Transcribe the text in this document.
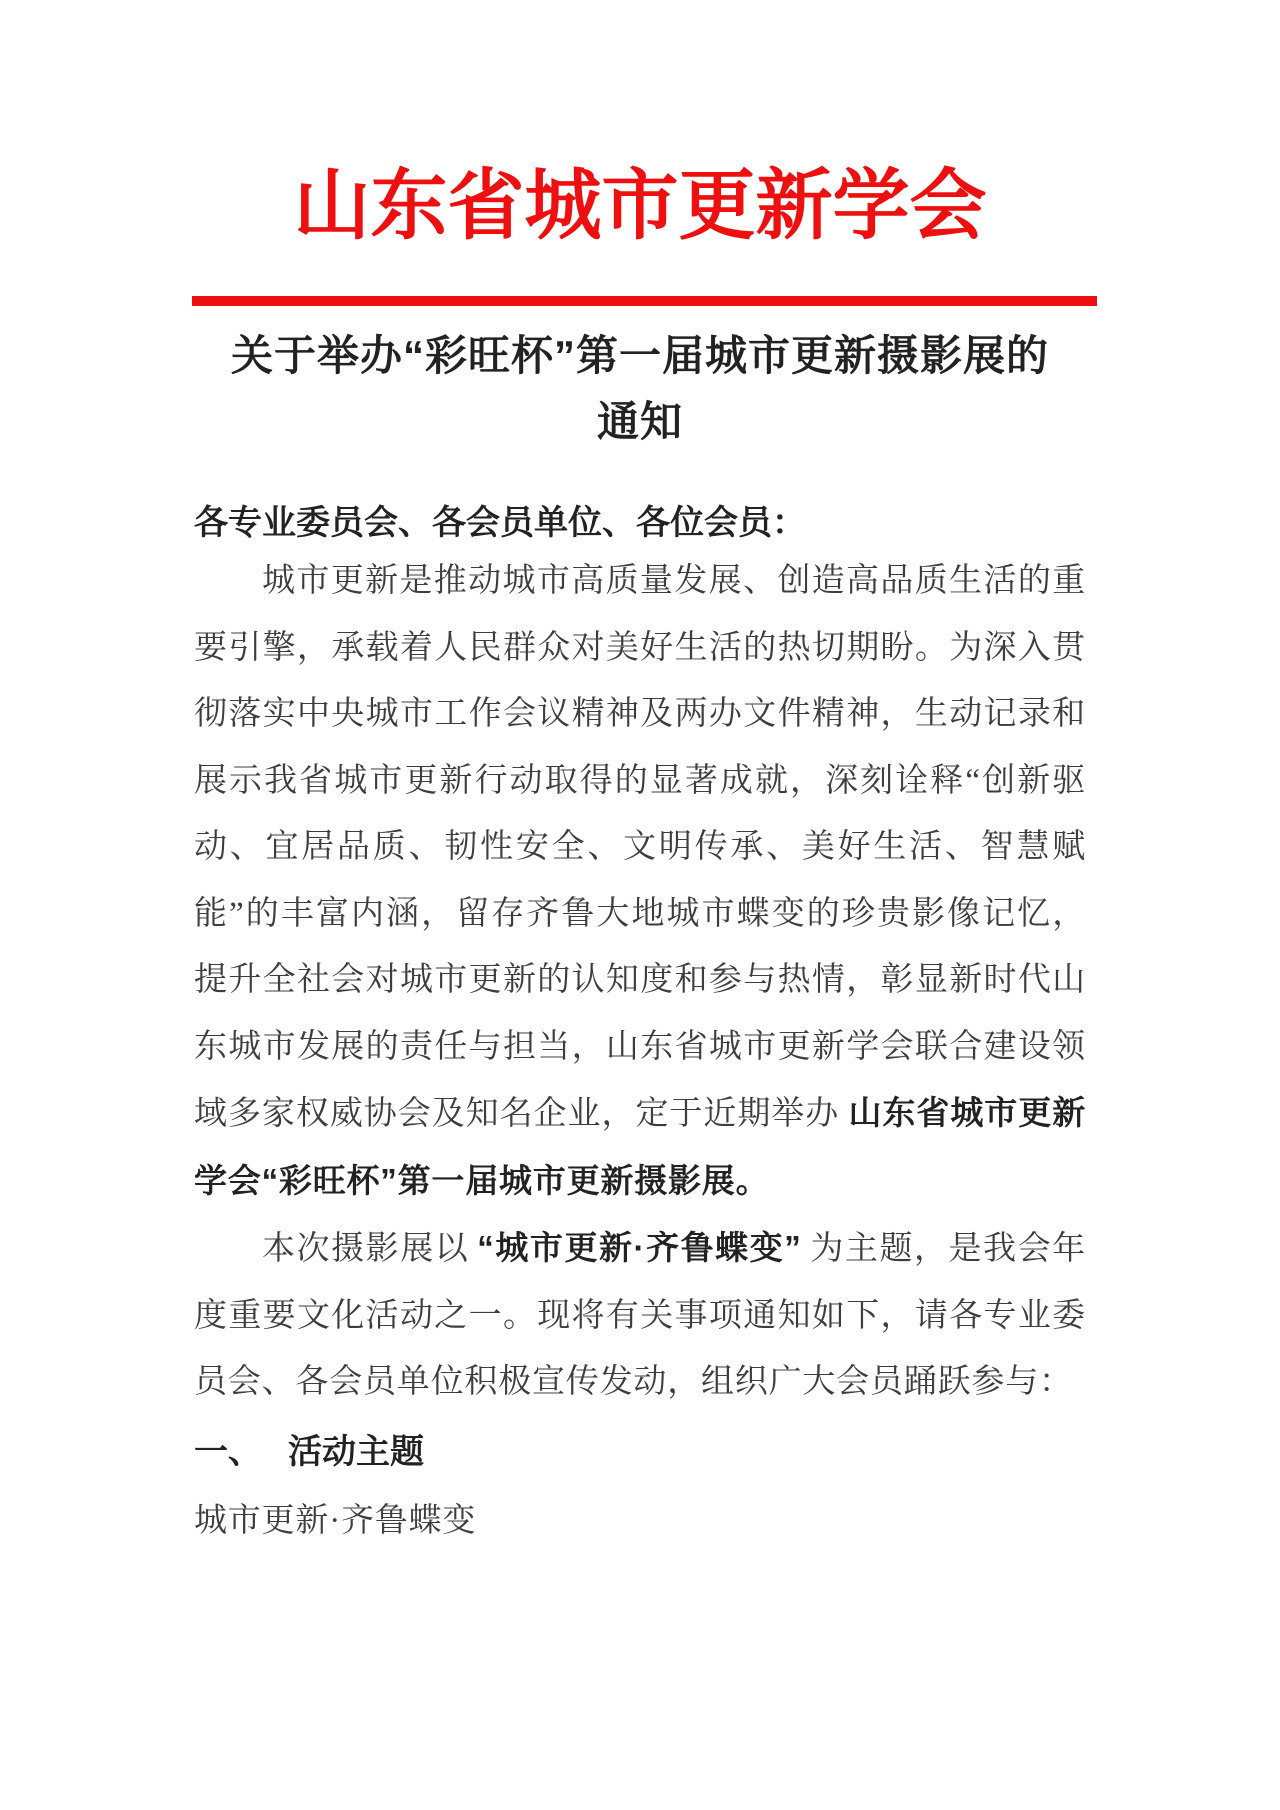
山东省城市更新学会
关于举办“彩旺杯”第一届城市更新摄影展的
通知

各专业委员会、各会员单位、各位会员：

城市更新是推动城市高质量发展、创造高品质生活的重要引擎，承载着人民群众对美好生活的热切期盼。为深入贯彻落实中央城市工作会议精神及两办文件精神，生动记录和展示我省城市更新行动取得的显著成就，深刻诠释“创新驱动、宜居品质、韧性安全、文明传承、美好生活、智慧赋能”的丰富内涵，留存齐鲁大地城市蝶变的珍贵影像记忆，提升全社会对城市更新的认知度和参与热情，彰显新时代山东城市发展的责任与担当，山东省城市更新学会联合建设领域多家权威协会及知名企业，定于近期举办 山东省城市更新学会“彩旺杯”第一届城市更新摄影展。

本次摄影展以 “城市更新·齐鲁蝶变” 为主题，是我会年度重要文化活动之一。现将有关事项通知如下，请各专业委员会、各会员单位积极宣传发动，组织广大会员踊跃参与：

一、 活动主题

城市更新·齐鲁蝶变
